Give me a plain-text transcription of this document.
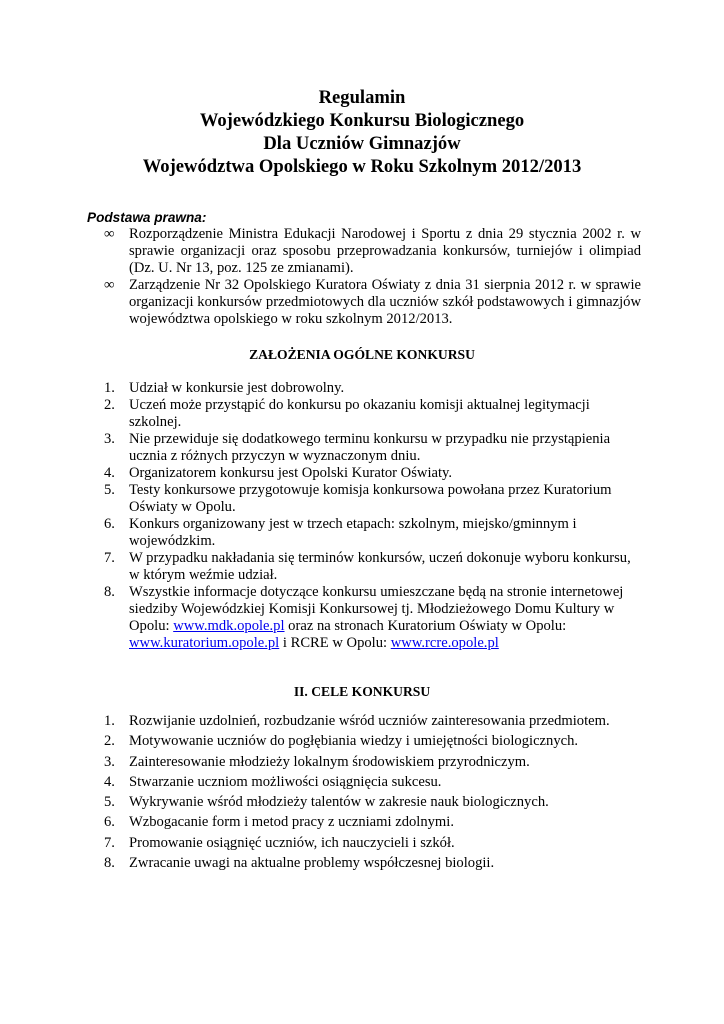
Regulamin
Wojewódzkiego Konkursu Biologicznego
Dla Uczniów Gimnazjów
Województwa Opolskiego w Roku Szkolnym 2012/2013
Podstawa prawna:
∞ Rozporządzenie Ministra Edukacji Narodowej i Sportu z dnia 29 stycznia 2002 r. w sprawie organizacji oraz sposobu przeprowadzania konkursów, turniejów i olimpiad (Dz. U. Nr 13, poz. 125 ze zmianami).
∞ Zarządzenie Nr 32 Opolskiego Kuratora Oświaty z dnia 31 sierpnia 2012 r. w sprawie organizacji konkursów przedmiotowych dla uczniów szkół podstawowych i gimnazjów województwa opolskiego w roku szkolnym 2012/2013.
ZAŁOŻENIA OGÓLNE KONKURSU
1. Udział w konkursie jest dobrowolny.
2. Uczeń może przystąpić do konkursu po okazaniu komisji aktualnej legitymacji szkolnej.
3. Nie przewiduje się dodatkowego terminu konkursu w przypadku nie przystąpienia ucznia z różnych przyczyn w wyznaczonym dniu.
4. Organizatorem konkursu jest Opolski Kurator Oświaty.
5. Testy konkursowe przygotowuje komisja konkursowa powołana przez Kuratorium Oświaty w Opolu.
6. Konkurs organizowany jest w trzech etapach: szkolnym, miejsko/gminnym i wojewódzkim.
7. W przypadku nakładania się terminów konkursów, uczeń dokonuje wyboru konkursu, w którym weźmie udział.
8. Wszystkie informacje dotyczące konkursu umieszczane będą na stronie internetowej siedziby Wojewódzkiej Komisji Konkursowej tj. Młodzieżowego Domu Kultury w Opolu: www.mdk.opole.pl oraz na stronach Kuratorium Oświaty w Opolu: www.kuratorium.opole.pl i RCRE w Opolu: www.rcre.opole.pl
II. CELE KONKURSU
1. Rozwijanie uzdolnień, rozbudzanie wśród uczniów zainteresowania przedmiotem.
2. Motywowanie uczniów do pogłębiania wiedzy i umiejętności biologicznych.
3. Zainteresowanie młodzieży lokalnym środowiskiem przyrodniczym.
4. Stwarzanie uczniom możliwości osiągnięcia sukcesu.
5. Wykrywanie wśród młodzieży talentów w zakresie nauk biologicznych.
6. Wzbogacanie form i metod pracy z uczniami zdolnymi.
7. Promowanie osiągnięć uczniów, ich nauczycieli i szkół.
8. Zwracanie uwagi na aktualne problemy współczesnej biologii.
